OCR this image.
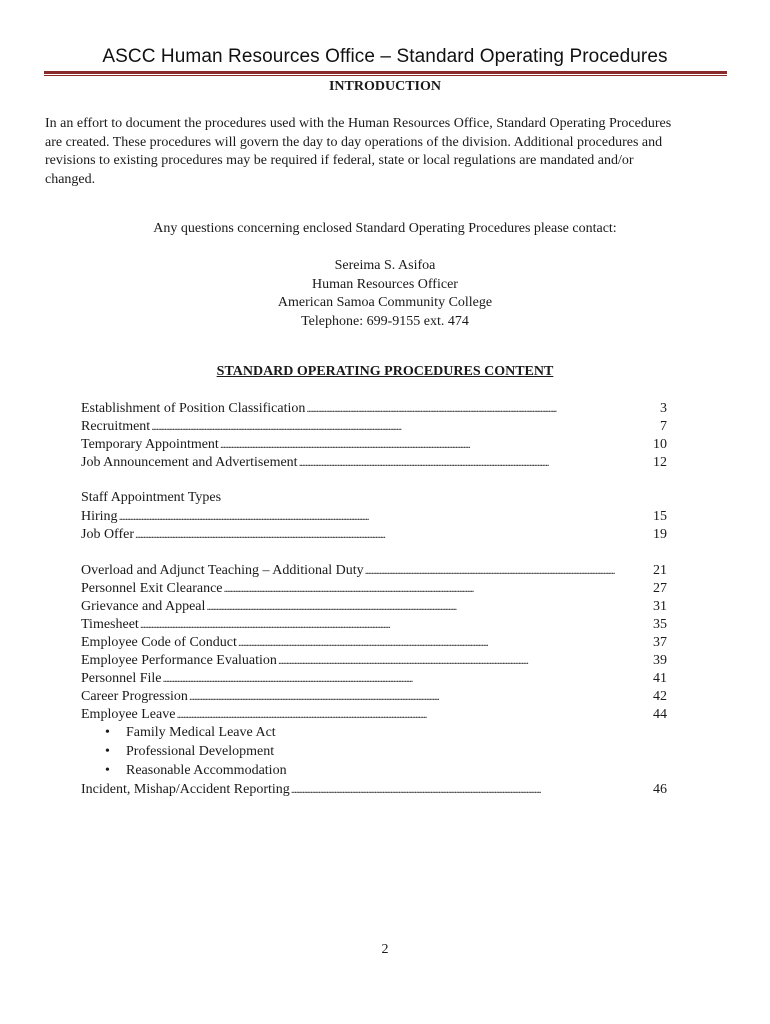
ASCC Human Resources Office – Standard Operating Procedures
INTRODUCTION
In an effort to document the procedures used with the Human Resources Office, Standard Operating Procedures
are created. These procedures will govern the day to day operations of the division. Additional procedures and
revisions to existing procedures may be required if federal, state or local regulations are mandated and/or
changed.
Any questions concerning enclosed Standard Operating Procedures please contact:
Sereima S. Asifoa
Human Resources Officer
American Samoa Community College
Telephone: 699-9155 ext. 474
STANDARD OPERATING PROCEDURES CONTENT
Establishment of Position Classification . . .	3
Recruitment . . .	7
Temporary Appointment . . .	10
Job Announcement and Advertisement . . .	12
Staff Appointment Types
Hiring . . .	15
Job Offer . . .	19
Overload and Adjunct Teaching – Additional Duty . . .	21
Personnel Exit Clearance . . .	27
Grievance and Appeal . . .	31
Timesheet . . .	35
Employee Code of Conduct . . .	37
Employee Performance Evaluation . . .	39
Personnel File . . .	41
Career Progression . . .	42
Employee Leave . . .	44
• Family Medical Leave Act
• Professional Development
• Reasonable Accommodation
Incident, Mishap/Accident Reporting . . .	46
2
